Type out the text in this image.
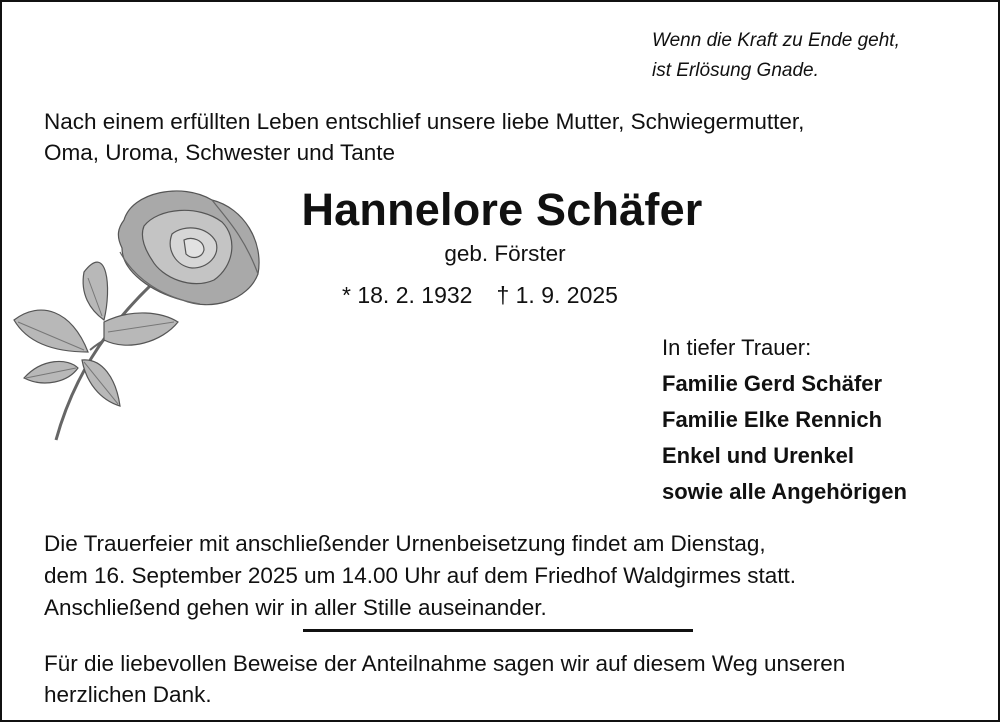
Wenn die Kraft zu Ende geht,
ist Erlösung Gnade.
Nach einem erfüllten Leben entschlief unsere liebe Mutter, Schwiegermutter,
Oma, Uroma, Schwester und Tante
Hannelore Schäfer
geb. Förster
* 18. 2. 1932 † 1. 9. 2025
In tiefer Trauer:
Familie Gerd Schäfer
Familie Elke Rennich
Enkel und Urenkel
sowie alle Angehörigen
Die Trauerfeier mit anschließender Urnenbeisetzung findet am Dienstag,
dem 16. September 2025 um 14.00 Uhr auf dem Friedhof Waldgirmes statt.
Anschließend gehen wir in aller Stille auseinander.
Für die liebevollen Beweise der Anteilnahme sagen wir auf diesem Weg unseren
herzlichen Dank.
